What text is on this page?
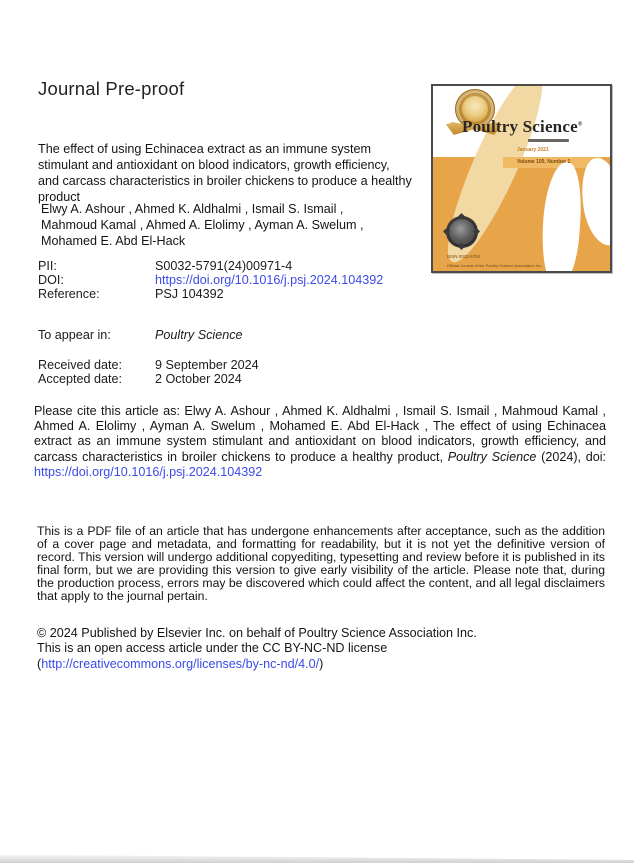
Journal Pre-proof
The effect of using Echinacea extract as an immune system stimulant and antioxidant on blood indicators, growth efficiency, and carcass characteristics in broiler chickens to produce a healthy product
Elwy A. Ashour , Ahmed K. Aldhalmi , Ismail S. Ismail ,
Mahmoud Kamal , Ahmed A. Elolimy , Ayman A. Swelum ,
Mohamed E. Abd El-Hack
PII:	S0032-5791(24)00971-4
DOI:	https://doi.org/10.1016/j.psj.2024.104392
Reference:	PSJ 104392
To appear in:	Poultry Science
Received date:	9 September 2024
Accepted date:	2 October 2024
Please cite this article as: Elwy A. Ashour , Ahmed K. Aldhalmi , Ismail S. Ismail , Mahmoud Kamal , Ahmed A. Elolimy , Ayman A. Swelum , Mohamed E. Abd El-Hack , The effect of using Echinacea extract as an immune system stimulant and antioxidant on blood indicators, growth efficiency, and carcass characteristics in broiler chickens to produce a healthy product, Poultry Science (2024), doi: https://doi.org/10.1016/j.psj.2024.104392
This is a PDF file of an article that has undergone enhancements after acceptance, such as the addition of a cover page and metadata, and formatting for readability, but it is not yet the definitive version of record. This version will undergo additional copyediting, typesetting and review before it is published in its final form, but we are providing this version to give early visibility of the article. Please note that, during the production process, errors may be discovered which could affect the content, and all legal disclaimers that apply to the journal pertain.
© 2024 Published by Elsevier Inc. on behalf of Poultry Science Association Inc.
This is an open access article under the CC BY-NC-ND license
(http://creativecommons.org/licenses/by-nc-nd/4.0/)
Poultry Science®
January 2021
Volume 100, Number 1
ISSN 0032-5791
Official Journal of the Poultry Science Association Inc.
